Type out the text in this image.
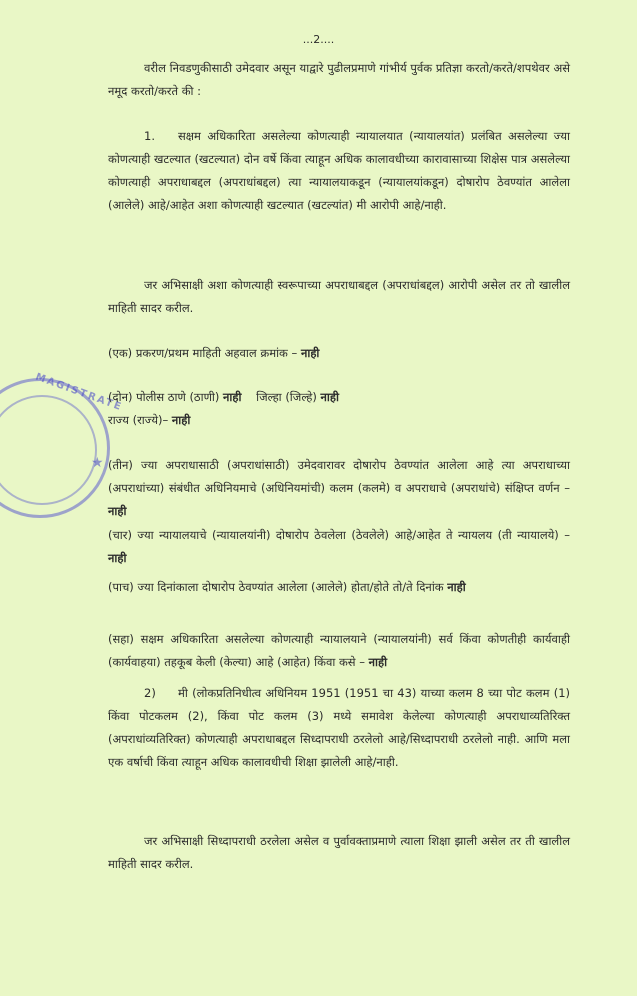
...2....
MAGISTRATE
★

वरील निवडणुकीसाठी उमेदवार असून याद्वारे पुढीलप्रमाणे गांभीर्य पुर्वक प्रतिज्ञा करतो/करते/शपथेवर असे नमूद करतो/करते की :

1. सक्षम अधिकारिता असलेल्या कोणत्याही न्यायालयात (न्यायालयांत) प्रलंबित असलेल्या ज्या कोणत्याही खटल्यात (खटल्यात) दोन वर्षे किंवा त्याहून अधिक कालावधीच्या कारावासाच्या शिक्षेस पात्र असलेल्या कोणत्याही अपराधाबद्दल (अपराधांबद्दल) त्या न्यायालयाकडून (न्यायालयांकडून) दोषारोप ठेवण्यांत आलेला (आलेले) आहे/आहेत अशा कोणत्याही खटल्यात (खटल्यांत) मी आरोपी आहे/नाही.

जर अभिसाक्षी अशा कोणत्याही स्वरूपाच्या अपराधाबद्दल (अपराधांबद्दल) आरोपी असेल तर तो खालील माहिती सादर करील.

(एक) प्रकरण/प्रथम माहिती अहवाल क्रमांक – नाही

(दोन) पोलीस ठाणे (ठाणी) नाही जिल्हा (जिल्हे) नाही
राज्य (राज्ये)– नाही

(तीन) ज्या अपराधासाठी (अपराधांसाठी) उमेदवारावर दोषारोप ठेवण्यांत आलेला आहे त्या अपराधाच्या (अपराधांच्या) संबंधीत अधिनियमाचे (अधिनियमांची) कलम (कलमे) व अपराधाचे (अपराधांचे) संक्षिप्त वर्णन – नाही

(चार) ज्या न्यायालयाचे (न्यायालयांनी) दोषारोप ठेवलेला (ठेवलेले) आहे/आहेत ते न्यायलय (ती न्यायालये) – नाही

(पाच) ज्या दिनांकाला दोषारोप ठेवण्यांत आलेला (आलेले) होता/होते तो/ते दिनांक नाही

(सहा) सक्षम अधिकारिता असलेल्या कोणत्याही न्यायालयाने (न्यायालयांनी) सर्व किंवा कोणतीही कार्यवाही (कार्यवाहया) तहकूब केली (केल्या) आहे (आहेत) किंवा कसे – नाही

2) मी (लोकप्रतिनिधीत्व अधिनियम 1951 (1951 चा 43) याच्या कलम 8 च्या पोट कलम (1) किंवा पोटकलम (2), किंवा पोट कलम (3) मध्ये समावेश केलेल्या कोणत्याही अपराधाव्यतिरिक्त (अपराधांव्यतिरिक्त) कोणत्याही अपराधाबद्दल सिध्दापराधी ठरलेलो आहे/सिध्दापराधी ठरलेलो नाही. आणि मला एक वर्षाची किंवा त्याहून अधिक कालावधीची शिक्षा झालेली आहे/नाही.

जर अभिसाक्षी सिध्दापराधी ठरलेला असेल व पुर्वावक्ताप्रमाणे त्याला शिक्षा झाली असेल तर ती खालील माहिती सादर करील.
